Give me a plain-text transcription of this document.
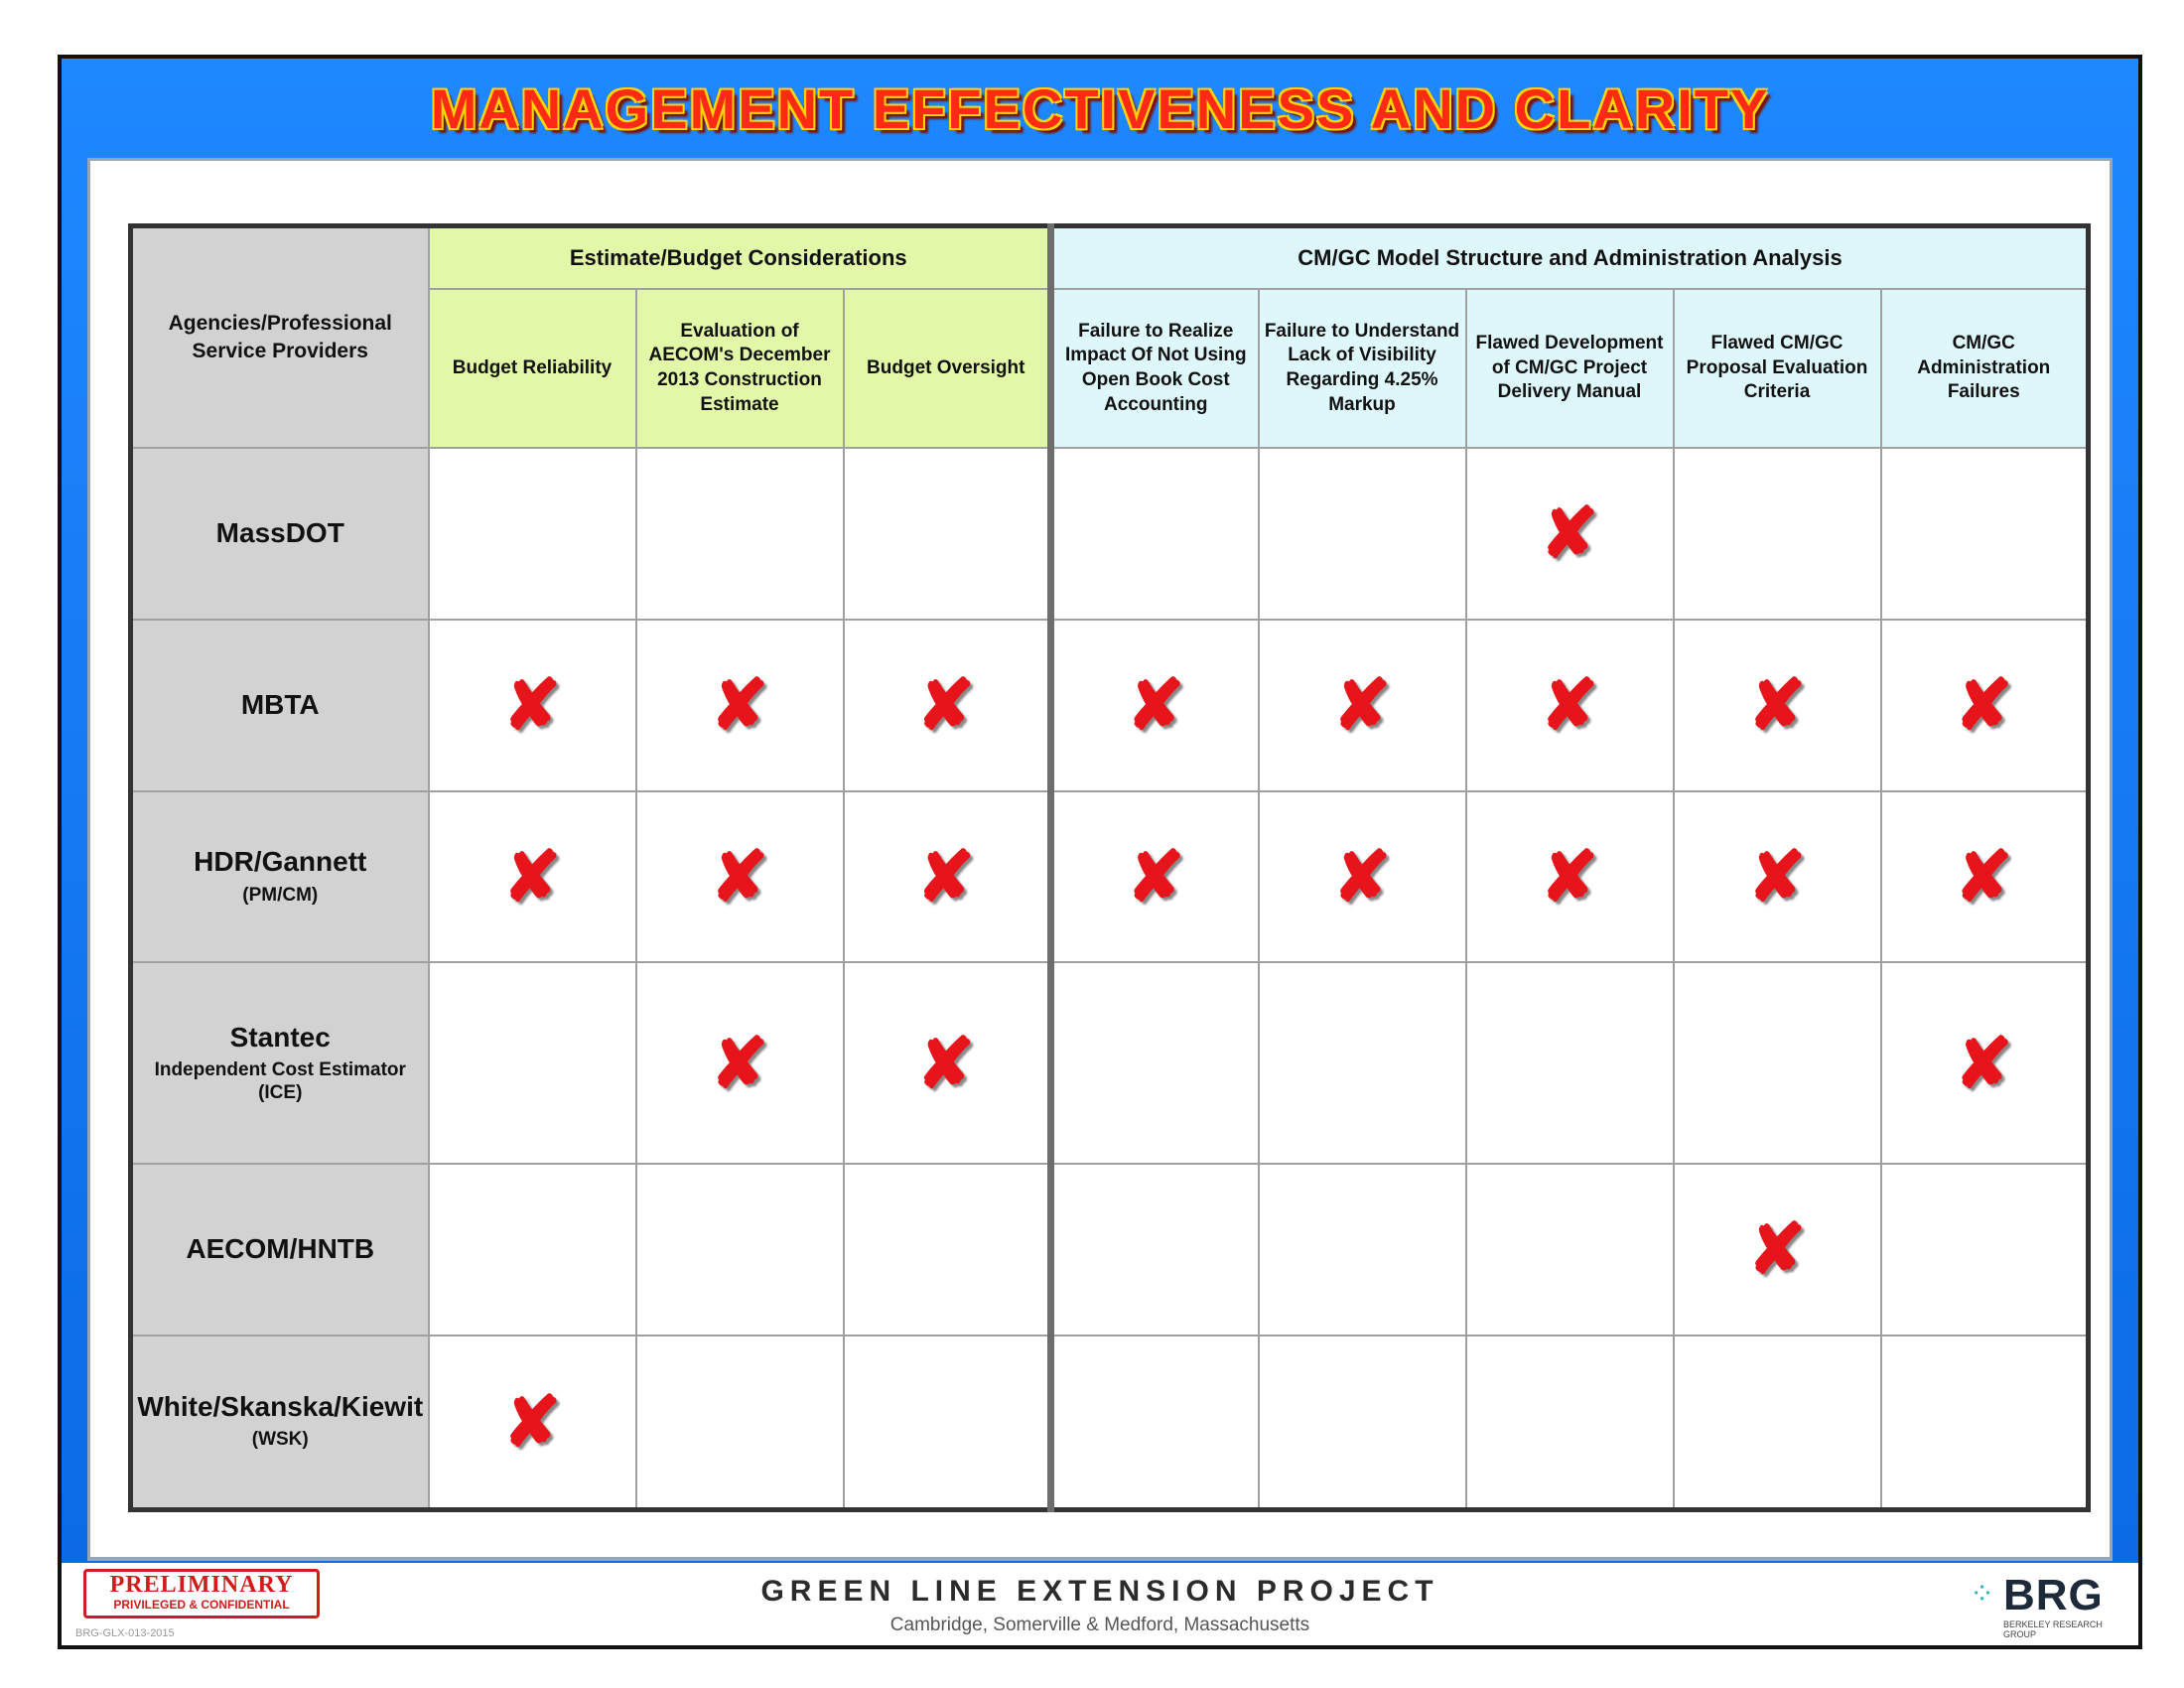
MANAGEMENT EFFECTIVENESS AND CLARITY
Agencies/Professional Service Providers	Estimate/Budget Considerations			CM/GC Model Structure and Administration Analysis				
	Budget Reliability	Evaluation of AECOM's December 2013 Construction Estimate	Budget Oversight	Failure to Realize Impact Of Not Using Open Book Cost Accounting	Failure to Understand Lack of Visibility Regarding 4.25% Markup	Flawed Development of CM/GC Project Delivery Manual	Flawed CM/GC Proposal Evaluation Criteria	CM/GC Administration Failures

MassDOT						✘		

MBTA	✘	✘	✘	✘	✘	✘	✘	✘

HDR/Gannett
(PM/CM)	✘	✘	✘	✘	✘	✘	✘	✘

Stantec
Independent Cost Estimator (ICE)		✘	✘					✘

AECOM/HNTB							✘	

White/Skanska/Kiewit
(WSK)	✘							
PRELIMINARY
PRIVILEGED & CONFIDENTIAL
BRG-GLX-013-2015
GREEN LINE EXTENSION PROJECT
Cambridge, Somerville & Medford, Massachusetts
⁘ BRG
BERKELEY RESEARCH GROUP
